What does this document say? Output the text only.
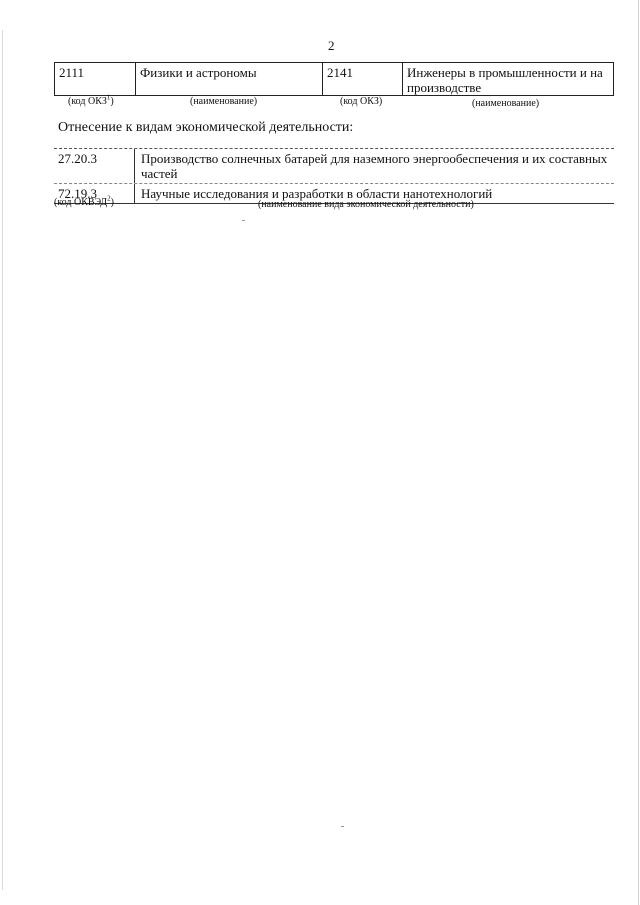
2
2111	Физики и астрономы	2141	Инженеры в промышленности и на производстве
(код ОКЗ$^1$)	(наименование)	(код ОКЗ)	(наименование)
Отнесение к видам экономической деятельности:
27.20.3	Производство солнечных батарей для наземного энергообеспечения и их составных частей
72.19.3	Научные исследования и разработки в области нанотехнологий
(код ОКВЭД$^2$)	(наименование вида экономической деятельности)
